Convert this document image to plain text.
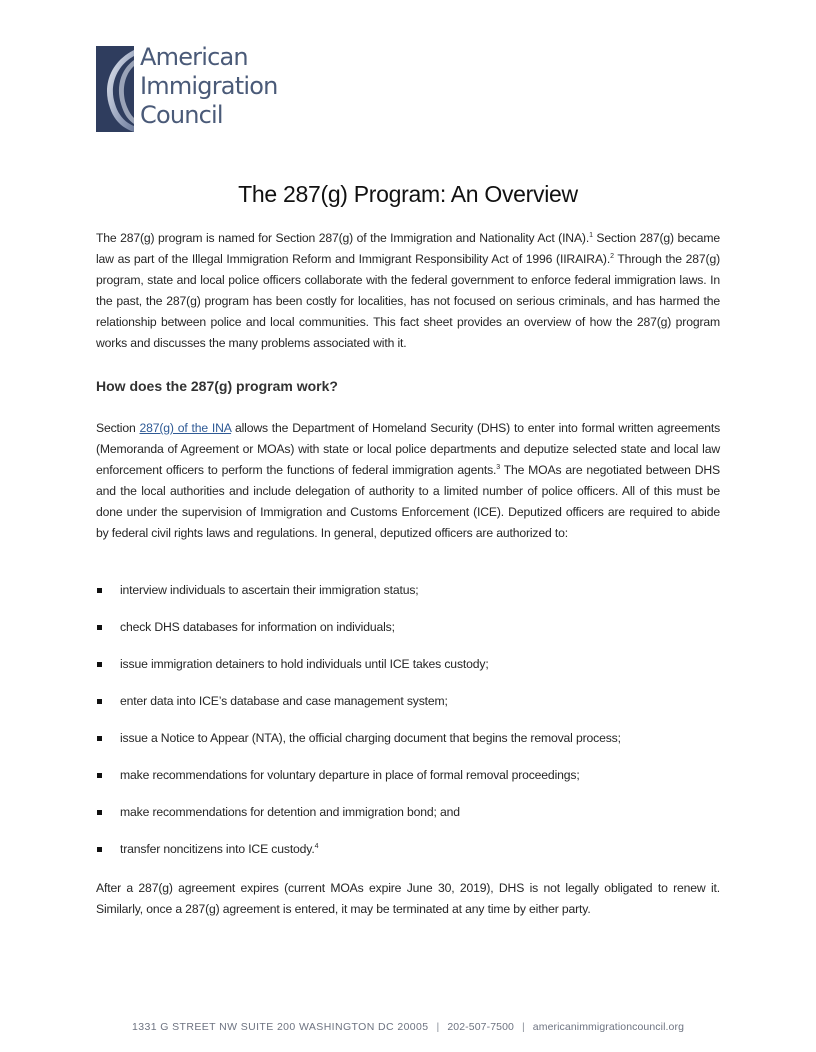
American
Immigration
Council
The 287(g) Program: An Overview
The 287(g) program is named for Section 287(g) of the Immigration and Nationality Act (INA).$^1$ Section 287(g) became law as part of the Illegal Immigration Reform and Immigrant Responsibility Act of 1996 (IIRAIRA).$^2$ Through the 287(g) program, state and local police officers collaborate with the federal government to enforce federal immigration laws. In the past, the 287(g) program has been costly for localities, has not focused on serious criminals, and has harmed the relationship between police and local communities. This fact sheet provides an overview of how the 287(g) program works and discusses the many problems associated with it.
How does the 287(g) program work?
Section 287(g) of the INA allows the Department of Homeland Security (DHS) to enter into formal written agreements (Memoranda of Agreement or MOAs) with state or local police departments and deputize selected state and local law enforcement officers to perform the functions of federal immigration agents.$^3$ The MOAs are negotiated between DHS and the local authorities and include delegation of authority to a limited number of police officers. All of this must be done under the supervision of Immigration and Customs Enforcement (ICE). Deputized officers are required to abide by federal civil rights laws and regulations. In general, deputized officers are authorized to:
interview individuals to ascertain their immigration status;
check DHS databases for information on individuals;
issue immigration detainers to hold individuals until ICE takes custody;
enter data into ICE’s database and case management system;
issue a Notice to Appear (NTA), the official charging document that begins the removal process;
make recommendations for voluntary departure in place of formal removal proceedings;
make recommendations for detention and immigration bond; and
transfer noncitizens into ICE custody.$^4$
After a 287(g) agreement expires (current MOAs expire June 30, 2019), DHS is not legally obligated to renew it. Similarly, once a 287(g) agreement is entered, it may be terminated at any time by either party.
1331 G STREET NW SUITE 200 WASHINGTON DC 20005 | 202-507-7500 | americanimmigrationcouncil.org
